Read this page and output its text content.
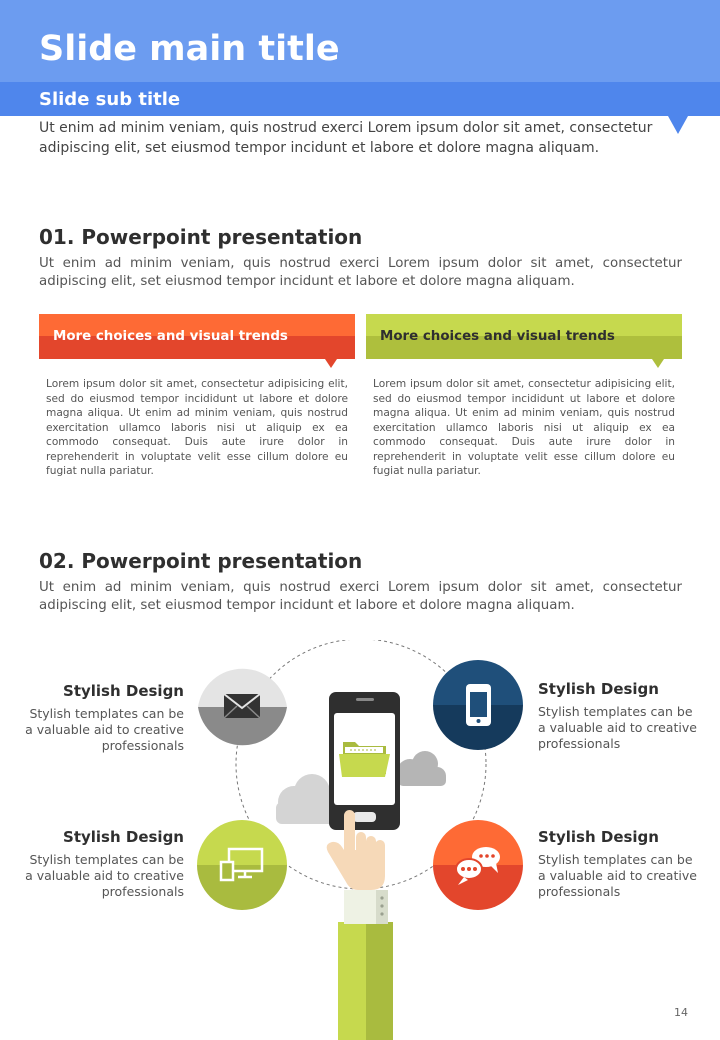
Slide main title
Slide sub title
Ut enim ad minim veniam, quis nostrud exerci Lorem ipsum dolor sit amet, consectetur adipiscing elit, set eiusmod tempor incidunt et labore et dolore magna aliquam.
01. Powerpoint presentation
Ut enim ad minim veniam, quis nostrud exerci Lorem ipsum dolor sit amet, consectetur adipiscing elit, set eiusmod tempor incidunt et labore et dolore magna aliquam.
More choices and visual trends	More choices and visual trends
Lorem ipsum dolor sit amet, consectetur adipisicing elit, sed do eiusmod tempor incididunt ut labore et dolore magna aliqua. Ut enim ad minim veniam, quis nostrud exercitation ullamco laboris nisi ut aliquip ex ea commodo consequat. Duis aute irure dolor in reprehenderit in voluptate velit esse cillum dolore eu fugiat nulla pariatur.
Lorem ipsum dolor sit amet, consectetur adipisicing elit, sed do eiusmod tempor incididunt ut labore et dolore magna aliqua. Ut enim ad minim veniam, quis nostrud exercitation ullamco laboris nisi ut aliquip ex ea commodo consequat. Duis aute irure dolor in reprehenderit in voluptate velit esse cillum dolore eu fugiat nulla pariatur.
02. Powerpoint presentation
Ut enim ad minim veniam, quis nostrud exerci Lorem ipsum dolor sit amet, consectetur adipiscing elit, set eiusmod tempor incidunt et labore et dolore magna aliquam.
Stylish Design
Stylish templates can be a valuable aid to creative professionals
Stylish Design
Stylish templates can be a valuable aid to creative professionals
Stylish Design
Stylish templates can be a valuable aid to creative professionals
Stylish Design
Stylish templates can be a valuable aid to creative professionals
14
